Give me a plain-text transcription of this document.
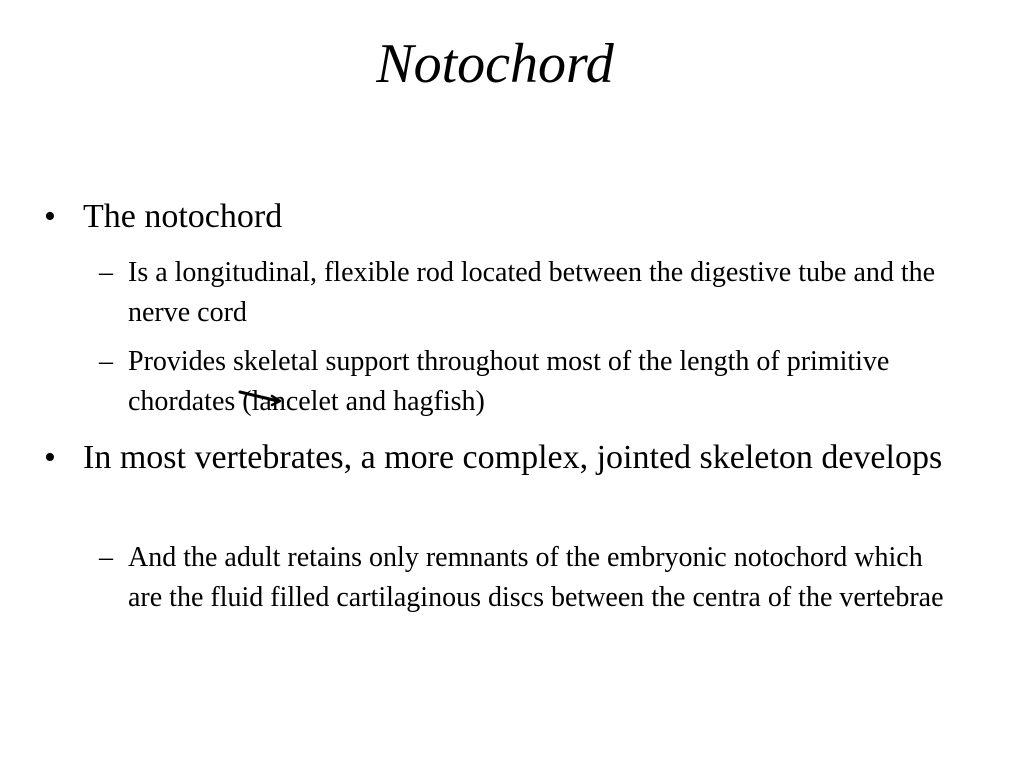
Notochord
• The notochord
– Is a longitudinal, flexible rod located between the digestive tube and the nerve cord
– Provides skeletal support throughout most of the length of primitive chordates (lancelet and hagfish)
• In most vertebrates, a more complex, jointed skeleton develops
– And the adult retains only remnants of the embryonic notochord which are the fluid filled cartilaginous discs between the centra of the vertebrae
